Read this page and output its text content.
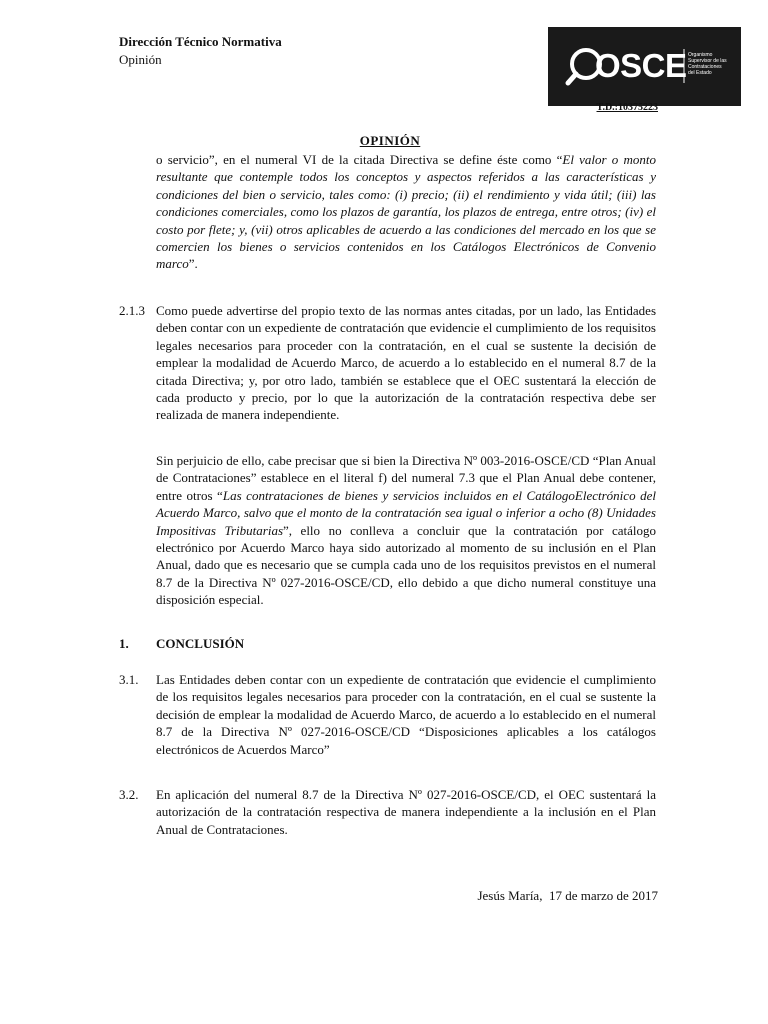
Dirección Técnico Normativa
Opinión	OSCE Organismo
Supervisor de las
Contrataciones
del Estado
T.D.:10375223
OPINIÓN
o servicio”, en el numeral VI de la citada Directiva se define éste como “El valor o monto resultante que contemple todos los conceptos y aspectos referidos a las características y condiciones del bien o servicio, tales como: (i) precio; (ii) el rendimiento y vida útil; (iii) las condiciones comerciales, como los plazos de garantía, los plazos de entrega, entre otros; (iv) el costo por flete; y, (vii) otros aplicables de acuerdo a las condiciones del mercado en los que se comercien los bienes o servicios contenidos en los Catálogos Electrónicos de Convenio marco”.
2.1.3 Como puede advertirse del propio texto de las normas antes citadas, por un lado, las Entidades deben contar con un expediente de contratación que evidencie el cumplimiento de los requisitos legales necesarios para proceder con la contratación, en el cual se sustente la decisión de emplear la modalidad de Acuerdo Marco, de acuerdo a lo establecido en el numeral 8.7 de la citada Directiva; y, por otro lado, también se establece que el OEC sustentará la elección de cada producto y precio, por lo que la autorización de la contratación respectiva debe ser realizada de manera independiente.
Sin perjuicio de ello, cabe precisar que si bien la Directiva Nº 003-2016-OSCE/CD “Plan Anual de Contrataciones” establece en el literal f) del numeral 7.3 que el Plan Anual debe contener, entre otros “Las contrataciones de bienes y servicios incluidos en el CatálogoElectrónico del Acuerdo Marco, salvo que el monto de la contratación sea igual o inferior a ocho (8) Unidades Impositivas Tributarias”, ello no conlleva a concluir que la contratación por catálogo electrónico por Acuerdo Marco haya sido autorizado al momento de su inclusión en el Plan Anual, dado que es necesario que se cumpla cada uno de los requisitos previstos en el numeral 8.7 de la Directiva Nº 027-2016-OSCE/CD, ello debido a que dicho numeral constituye una disposición especial.
1. CONCLUSIÓN
3.1.	Las Entidades deben contar con un expediente de contratación que evidencie el cumplimiento de los requisitos legales necesarios para proceder con la contratación, en el cual se sustente la decisión de emplear la modalidad de Acuerdo Marco, de acuerdo a lo establecido en el numeral 8.7 de la Directiva Nº 027-2016-OSCE/CD “Disposiciones aplicables a los catálogos electrónicos de Acuerdos Marco”
3.2.	En aplicación del numeral 8.7 de la Directiva Nº 027-2016-OSCE/CD, el OEC sustentará la autorización de la contratación respectiva de manera independiente a la inclusión en el Plan Anual de Contrataciones.
Jesús María, 17 de marzo de 2017
